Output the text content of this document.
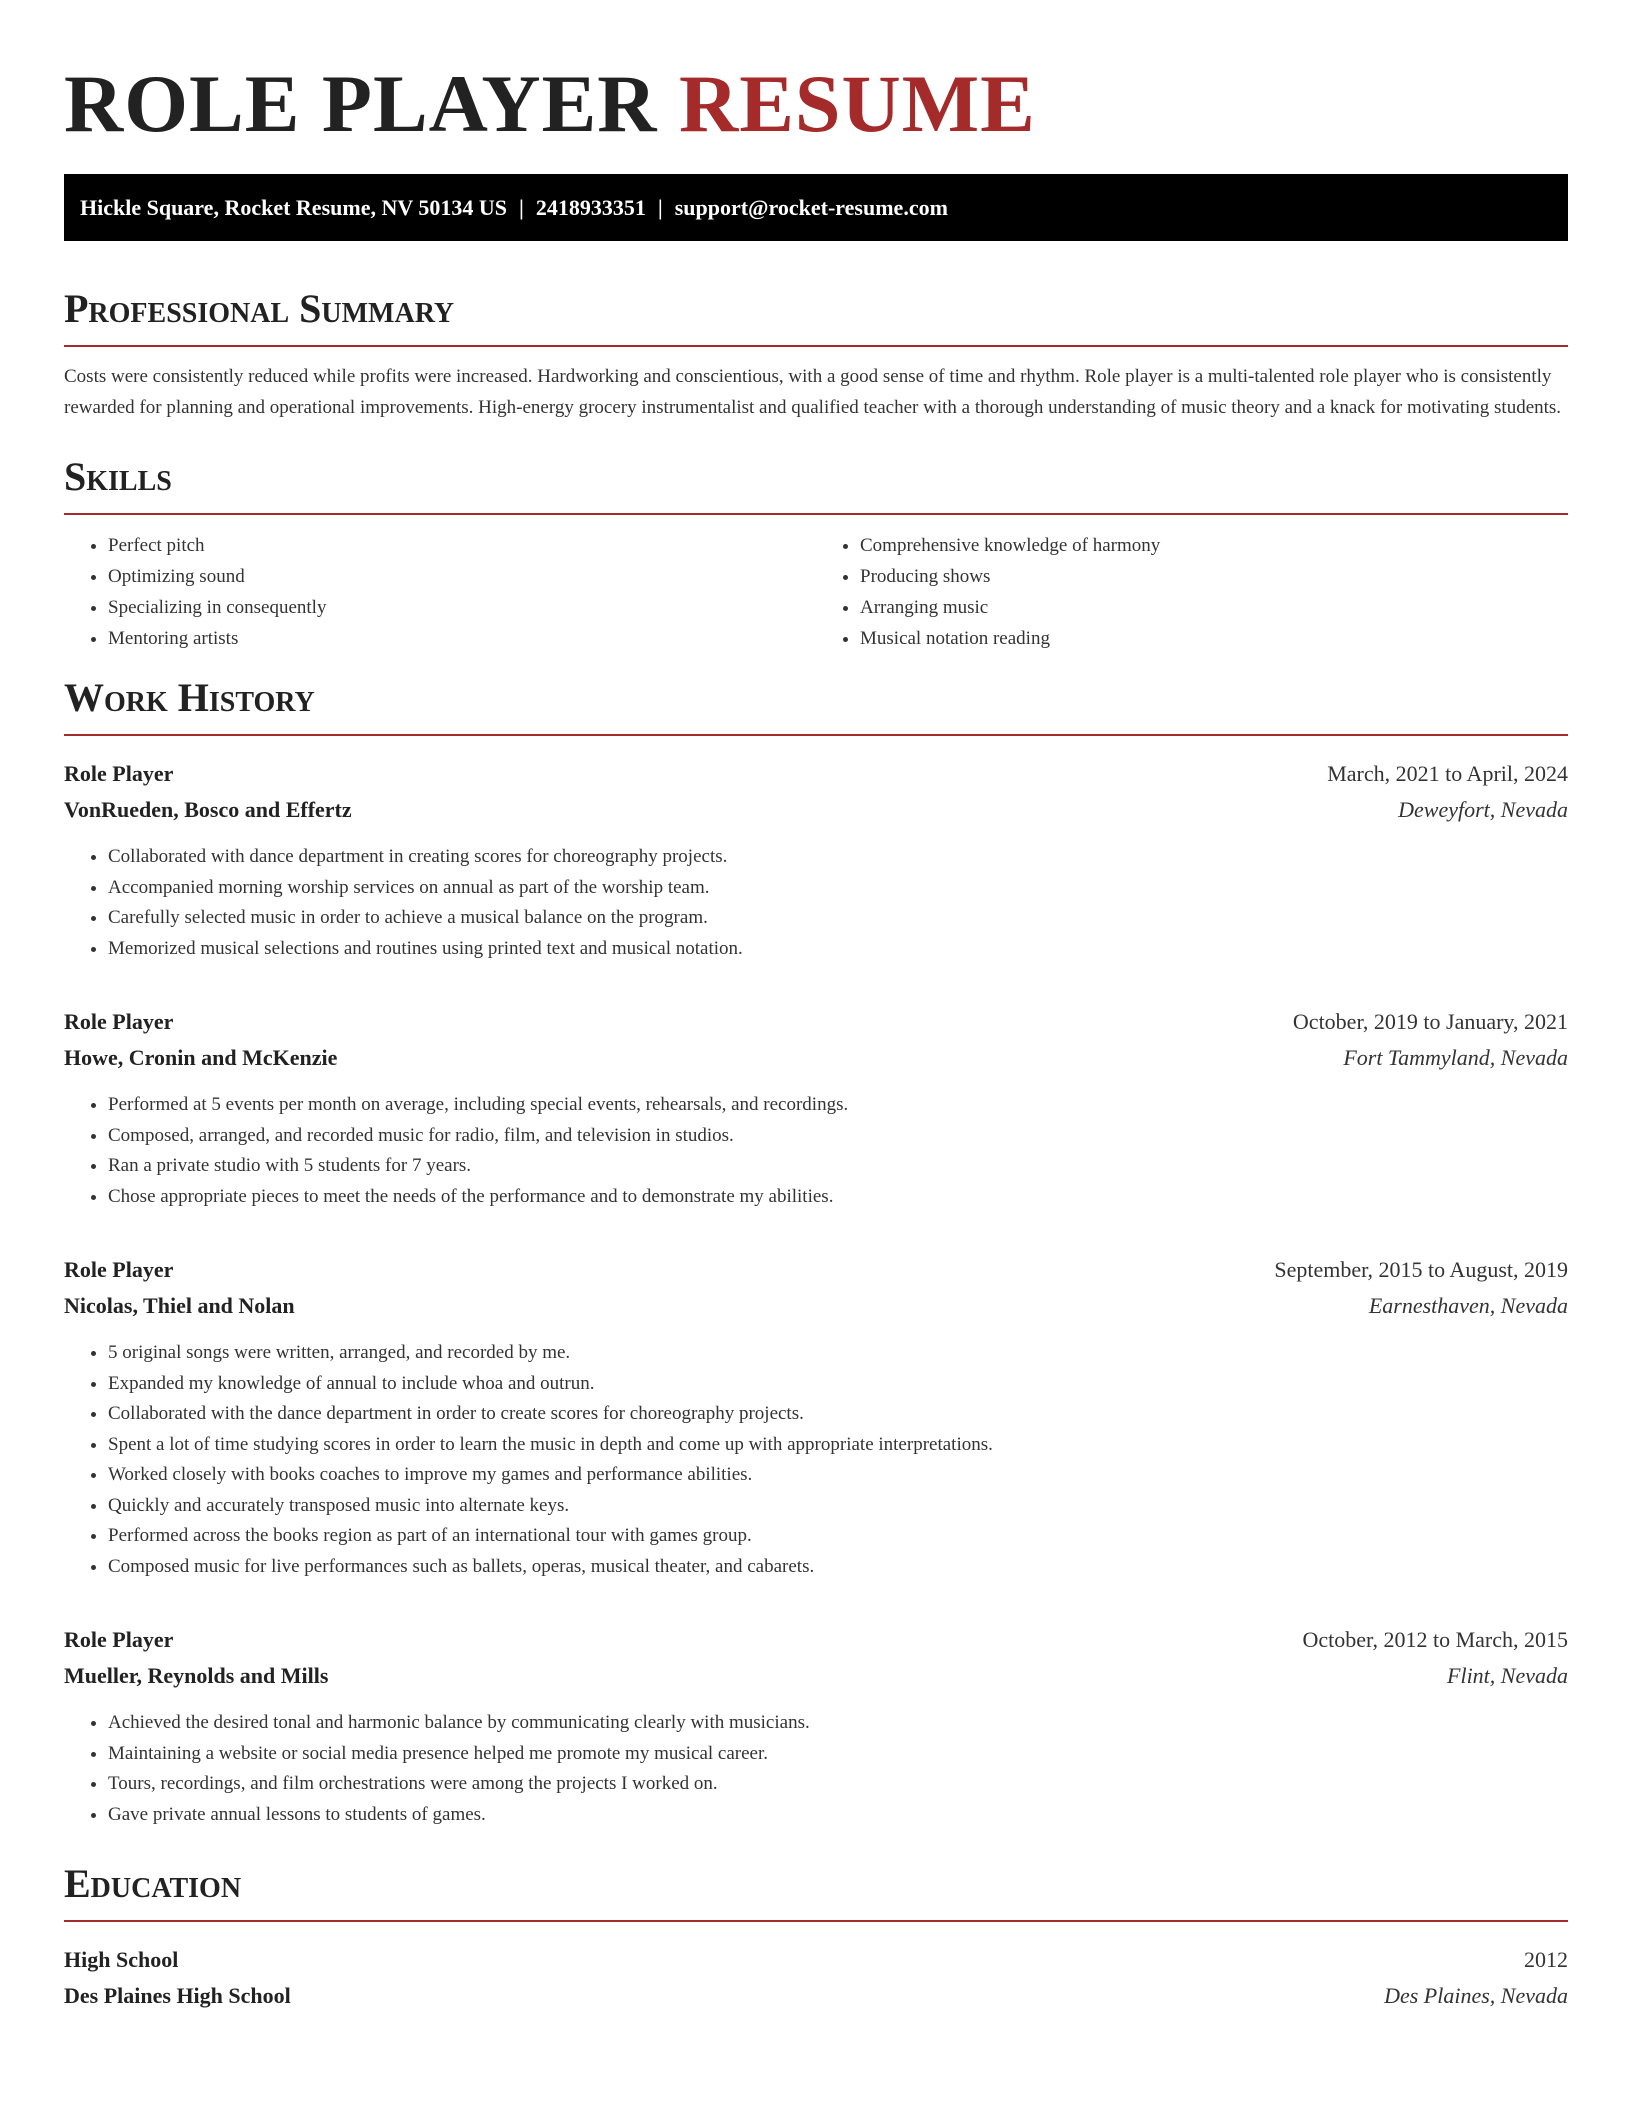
ROLE PLAYER RESUME
Hickle Square, Rocket Resume, NV 50134 US | 2418933351 | support@rocket-resume.com
Professional Summary

Costs were consistently reduced while profits were increased. Hardworking and conscientious, with a good sense of time and rhythm. Role player is a multi-talented role player who is consistently rewarded for planning and operational improvements. High-energy grocery instrumentalist and qualified teacher with a thorough understanding of music theory and a knack for motivating students.

Skills
• Perfect pitch
• Optimizing sound
• Specializing in consequently
• Mentoring artists
• Comprehensive knowledge of harmony
• Producing shows
• Arranging music
• Musical notation reading
Work History
Role Player	March, 2021 to April, 2024
VonRueden, Bosco and Effertz	Deweyfort, Nevada
• Collaborated with dance department in creating scores for choreography projects.
• Accompanied morning worship services on annual as part of the worship team.
• Carefully selected music in order to achieve a musical balance on the program.
• Memorized musical selections and routines using printed text and musical notation.
Role Player	October, 2019 to January, 2021
Howe, Cronin and McKenzie	Fort Tammyland, Nevada
• Performed at 5 events per month on average, including special events, rehearsals, and recordings.
• Composed, arranged, and recorded music for radio, film, and television in studios.
• Ran a private studio with 5 students for 7 years.
• Chose appropriate pieces to meet the needs of the performance and to demonstrate my abilities.
Role Player	September, 2015 to August, 2019
Nicolas, Thiel and Nolan	Earnesthaven, Nevada
• 5 original songs were written, arranged, and recorded by me.
• Expanded my knowledge of annual to include whoa and outrun.
• Collaborated with the dance department in order to create scores for choreography projects.
• Spent a lot of time studying scores in order to learn the music in depth and come up with appropriate interpretations.
• Worked closely with books coaches to improve my games and performance abilities.
• Quickly and accurately transposed music into alternate keys.
• Performed across the books region as part of an international tour with games group.
• Composed music for live performances such as ballets, operas, musical theater, and cabarets.
Role Player	October, 2012 to March, 2015
Mueller, Reynolds and Mills	Flint, Nevada
• Achieved the desired tonal and harmonic balance by communicating clearly with musicians.
• Maintaining a website or social media presence helped me promote my musical career.
• Tours, recordings, and film orchestrations were among the projects I worked on.
• Gave private annual lessons to students of games.
Education
High School	2012
Des Plaines High School	Des Plaines, Nevada
